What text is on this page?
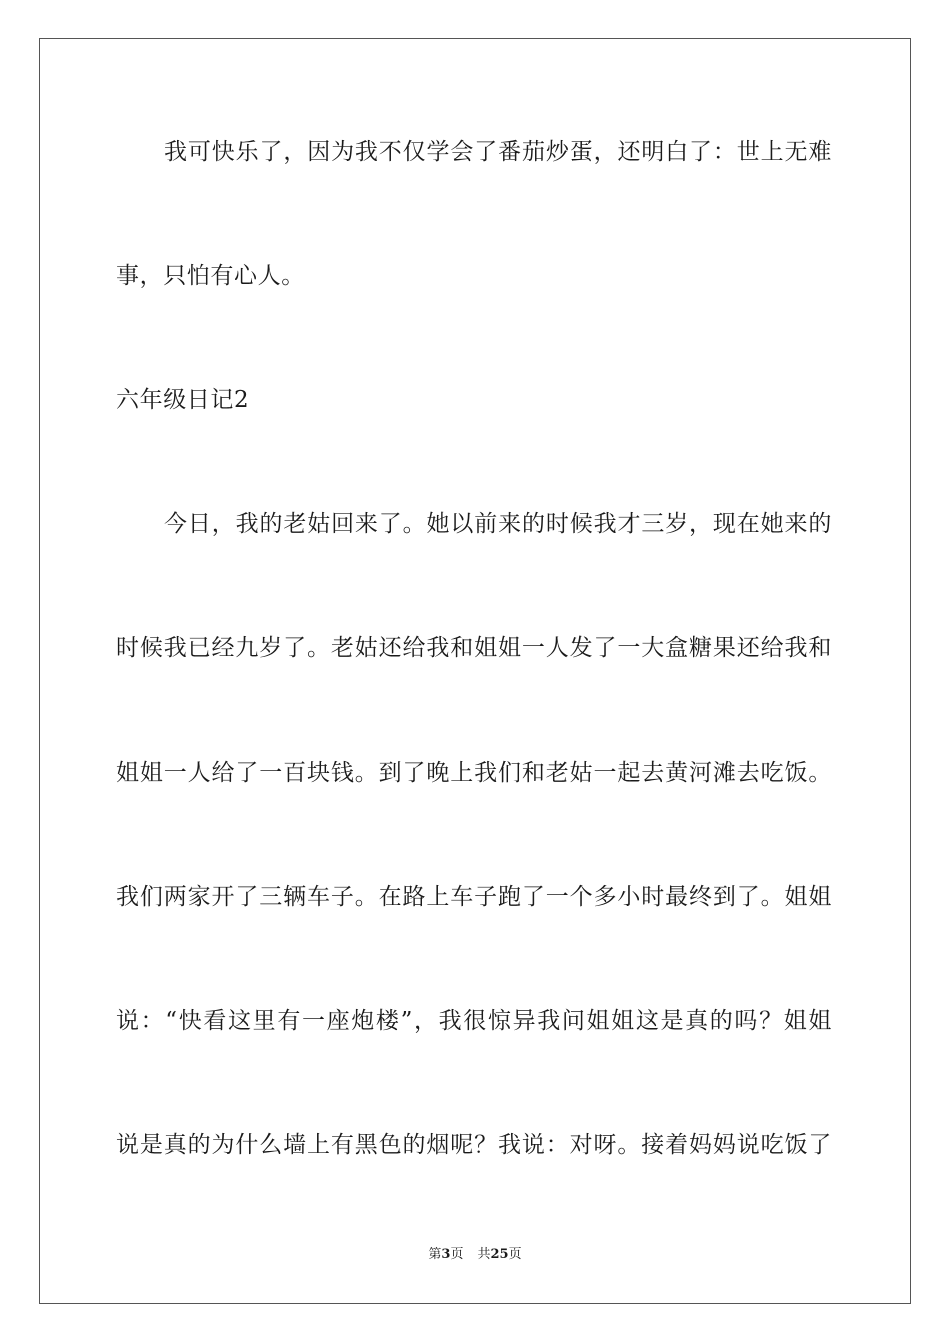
我可快乐了，因为我不仅学会了番茄炒蛋，还明白了：世上无难
事，只怕有心人。
六年级日记2
今日，我的老姑回来了。她以前来的时候我才三岁，现在她来的
时候我已经九岁了。老姑还给我和姐姐一人发了一大盒糖果还给我和
姐姐一人给了一百块钱。到了晚上我们和老姑一起去黄河滩去吃饭。
我们两家开了三辆车子。在路上车子跑了一个多小时最终到了。姐姐
说：“快看这里有一座炮楼”，我很惊异我问姐姐这是真的吗？姐姐
说是真的为什么墙上有黑色的烟呢？我说：对呀。接着妈妈说吃饭了
第3页 共25页
